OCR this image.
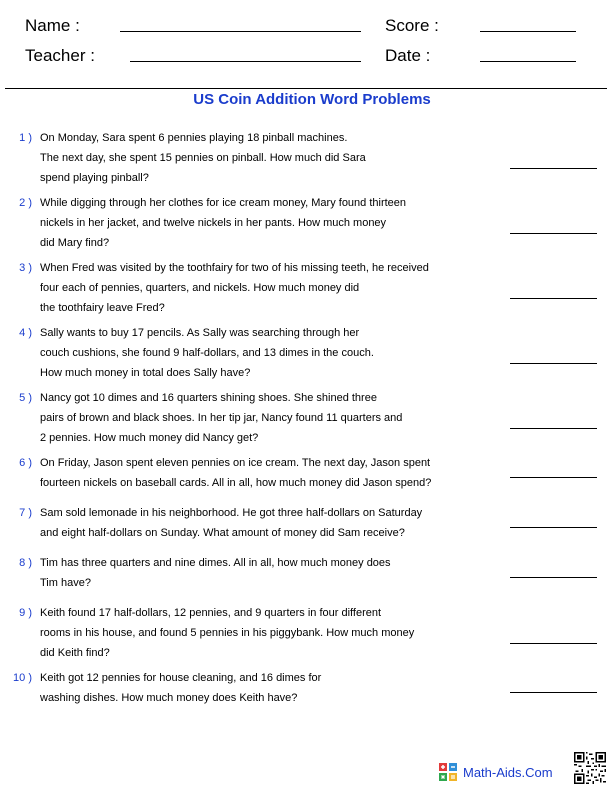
Name :	Score :
Teacher :	Date :
US Coin Addition Word Problems
1 ) On Monday, Sara spent 6 pennies playing 18 pinball machines.
The next day, she spent 15 pennies on pinball. How much did Sara
spend playing pinball?
2 ) While digging through her clothes for ice cream money, Mary found thirteen
nickels in her jacket, and twelve nickels in her pants. How much money
did Mary find?
3 ) When Fred was visited by the toothfairy for two of his missing teeth, he received
four each of pennies, quarters, and nickels. How much money did
the toothfairy leave Fred?
4 ) Sally wants to buy 17 pencils. As Sally was searching through her
couch cushions, she found 9 half-dollars, and 13 dimes in the couch.
How much money in total does Sally have?
5 ) Nancy got 10 dimes and 16 quarters shining shoes. She shined three
pairs of brown and black shoes. In her tip jar, Nancy found 11 quarters and
2 pennies. How much money did Nancy get?
6 ) On Friday, Jason spent eleven pennies on ice cream. The next day, Jason spent
fourteen nickels on baseball cards. All in all, how much money did Jason spend?
7 ) Sam sold lemonade in his neighborhood. He got three half-dollars on Saturday
and eight half-dollars on Sunday. What amount of money did Sam receive?
8 ) Tim has three quarters and nine dimes. All in all, how much money does
Tim have?
9 ) Keith found 17 half-dollars, 12 pennies, and 9 quarters in four different
rooms in his house, and found 5 pennies in his piggybank. How much money
did Keith find?
10 ) Keith got 12 pennies for house cleaning, and 16 dimes for
washing dishes. How much money does Keith have?
Math-Aids.Com
